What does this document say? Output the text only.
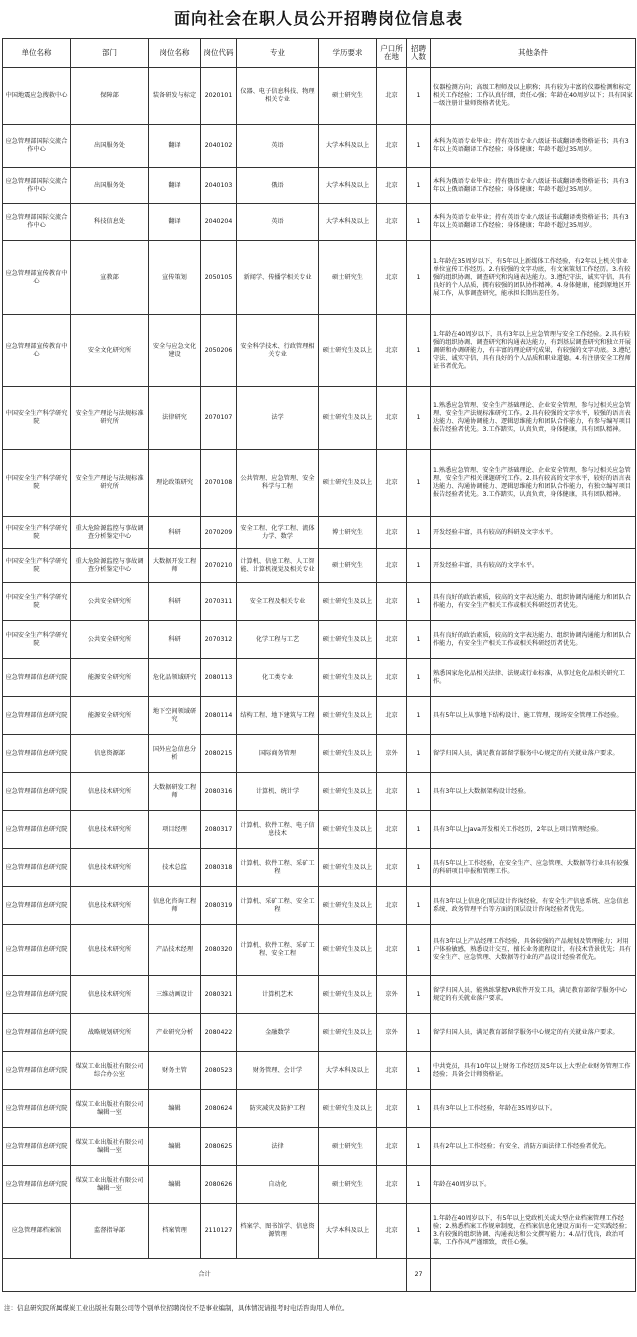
面向社会在职人员公开招聘岗位信息表
单位名称	部门	岗位名称	岗位代码	专业	学历要求	户口所在地	招聘人数	其他条件
中国地震应急搜救中心	保障部	装备研发与标定	2020101	仪器、电子信息科技、物理相关专业	硕士研究生	北京	1	仪器检测方向；高级工程师及以上职称；具有较为丰富的仪器检测和标定相关工作经验；工作认真仔细，责任心强；年龄在40周岁以下；具有国家一级注册计量师资格者优先。
应急管理部国际交流合作中心	出国服务处	翻译	2040102	英语	大学本科及以上	北京	1	本科为英语专业毕业；持有英语专业八级证书或翻译类资格证书；具有3年以上英语翻译工作经验；身体健康；年龄不超过35周岁。
应急管理部国际交流合作中心	出国服务处	翻译	2040103	俄语	大学本科及以上	北京	1	本科为俄语专业毕业；持有俄语专业八级证书或翻译类资格证书；具有3年以上俄语翻译工作经验；身体健康；年龄不超过35周岁。
应急管理部国际交流合作中心	科技信息处	翻译	2040204	英语	大学本科及以上	北京	1	本科为英语专业毕业；持有英语专业八级证书或翻译类资格证书；具有3年以上英语翻译工作经验；身体健康；年龄不超过35周岁。
应急管理部宣传教育中心	宣教部	宣传策划	2050105	新闻学、传播学相关专业	硕士研究生	北京	1	1.年龄在35周岁以下，有5年以上新媒体工作经验，有2年以上机关事业单位宣传工作经历。2.有较强的文字功底，有文案策划工作经历。3.有较强的组织协调、调查研究和沟通表达能力。3.遵纪守法、诚实守信，具有良好的个人品质，拥有较强的团队协作精神。4.身体健康，能到原地区开展工作，从事调查研究，能承担长期出差任务。
应急管理部宣传教育中心	安全文化研究所	安全与应急文化建设	2050206	安全科学技术、行政管理相关专业	硕士研究生及以上	北京	1	1.年龄在40周岁以下，具有3年以上应急管理与安全工作经验。2.具有较强的组织协调、调查研究和沟通表达能力，有到基层调查研究和独立开展调研和办调研能力，有丰富的理论研究成果，有较强的文字功底。3.遵纪守法、诚实守信，具有良好的个人品质和职业道德。4.有注册安全工程师证书者优先。
中国安全生产科学研究院	安全生产理论与法规标准研究所	法律研究	2070107	法学	硕士研究生及以上	北京	1	1.熟悉应急管理、安全生产基础理论、企业安全管理，参与过相关应急管理、安全生产法规标准研究工作。2.具有较强的文字水平，较强的语言表达能力、沟通协调能力、逻辑思维能力和团队合作能力，有参与编写项目报告经验者优先。3.工作踏实，认真负责，身体健康，具有团队精神。
中国安全生产科学研究院	安全生产理论与法规标准研究所	理论政策研究	2070108	公共管理、应急管理、安全科学与工程	硕士研究生及以上	北京	1	1.熟悉应急管理、安全生产基础理论、企业安全管理，参与过相关应急管理、安全生产相关课题研究工作。2.具有较高的文字水平，较好的语言表达能力、沟通协调能力、逻辑思维能力和团队合作能力，有独立编写项目报告经验者优先。3.工作踏实，认真负责，身体健康，具有团队精神。
中国安全生产科学研究院	重大危险源监控与事故调查分析鉴定中心	科研	2070209	安全工程、化学工程、流体力学、数学	博士研究生	北京	1	开发经验丰富，具有较高的科研及文字水平。
中国安全生产科学研究院	重大危险源监控与事故调查分析鉴定中心	大数据开发工程师	2070210	计算机、信息工程、人工智能、计算机视觉及相关专业	硕士研究生	北京	1	开发经验丰富，具有较高的文字水平。
中国安全生产科学研究院	公共安全研究所	科研	2070311	安全工程及相关专业	硕士研究生及以上	北京	1	具有良好的政治素质，较高的文字表达能力、组织协调沟通能力和团队合作能力，有安全生产相关工作或相关科研经历者优先。
中国安全生产科学研究院	公共安全研究所	科研	2070312	化学工程与工艺	硕士研究生及以上	北京	1	具有良好的政治素质，较高的文字表达能力、组织协调沟通能力和团队合作能力，有安全生产相关工作或相关科研经历者优先。
应急管理部信息研究院	能源安全研究所	危化品领域研究	2080113	化工类专业	硕士研究生及以上	北京	1	熟悉国家危化品相关法律、法规或行业标准，从事过危化品相关研究工作。
应急管理部信息研究院	能源安全研究所	地下空间领域研究	2080114	结构工程、地下建筑与工程	硕士研究生及以上	北京	1	具有5年以上从事地下结构设计、施工管理、现场安全管理工作经验。
应急管理部信息研究院	信息资源部	国外应急信息分析	2080215	国际商务管理	硕士研究生及以上	京外	1	留学归国人员，满足教育部留学服务中心规定的有关就业落户要求。
应急管理部信息研究院	信息技术研究所	大数据研发工程师	2080316	计算机、统计学	硕士研究生及以上	北京	1	具有3年以上大数据架构设计经验。
应急管理部信息研究院	信息技术研究所	项目经理	2080317	计算机、软件工程、电子信息技术	硕士研究生及以上	北京	1	具有3年以上Java开发相关工作经历，2年以上项目管理经验。
应急管理部信息研究院	信息技术研究所	技术总监	2080318	计算机、软件工程、采矿工程	硕士研究生及以上	北京	1	具有5年以上工作经验，在安全生产、应急管理、大数据等行业具有较强的科研项目申报和管理工作。
应急管理部信息研究院	信息技术研究所	信息化咨询工程师	2080319	计算机、采矿工程、安全工程	硕士研究生及以上	北京	1	具有3年以上信息化顶层设计咨询经验，有安全生产信息系统、应急信息系统、政务管理平台等方面的顶层设计咨询经验者优先。
应急管理部信息研究院	信息技术研究所	产品技术经理	2080320	计算机、软件工程、采矿工程、安全工程	硕士研究生及以上	北京	1	具有3年以上产品经理工作经验，具备较强的产品规划及管理能力；对用户体验敏感，熟悉设计交互，擅长业务流程设计，有技术背景优先；具有安全生产、应急管理、大数据等行业的产品设计经验者优先。
应急管理部信息研究院	信息技术研究所	三维动画设计	2080321	计算机艺术	硕士研究生及以上	京外	1	留学归国人员，能熟练掌握VR软件开发工具，满足教育部留学服务中心规定的有关就业落户要求。
应急管理部信息研究院	战略规划研究所	产业研究分析	2080422	金融数学	硕士研究生及以上	京外	1	留学归国人员，满足教育部留学服务中心规定的有关就业落户要求。
应急管理部信息研究院	煤炭工业出版社有限公司综合办公室	财务主管	2080523	财务管理、会计学	大学本科及以上	北京	1	中共党员，具有10年以上财务工作经历及5年以上大型企业财务管理工作经验；具备会计师资格证。
应急管理部信息研究院	煤炭工业出版社有限公司编辑一室	编辑	2080624	防灾减灾及防护工程	硕士研究生及以上	北京	1	具有3年以上工作经验，年龄在35周岁以下。
应急管理部信息研究院	煤炭工业出版社有限公司编辑一室	编辑	2080625	法律	硕士研究生	北京	1	具有2年以上工作经验；有安全、消防方面法律工作经验者优先。
应急管理部信息研究院	煤炭工业出版社有限公司编辑一室	编辑	2080626	自动化	硕士研究生	北京	1	年龄在40周岁以下。
应急管理部档案馆	监督指导部	档案管理	2110127	档案学、图书馆学、信息资源管理	大学本科及以上	北京	1	1.年龄在40周岁以下，有5年以上党政机关或大型企业档案管理工作经验；2.熟悉档案工作规章制度，在档案信息化建设方面有一定实践经验；3.有较强的组织协调、沟通表达和公文撰写能力；4.品行优良，政治可靠，工作作风严谨细致，责任心强。
合计							27	
注：信息研究院所属煤炭工业出版社有限公司等个别单位招聘岗位不是事业编制，具体情况请报考时电话咨询用人单位。
